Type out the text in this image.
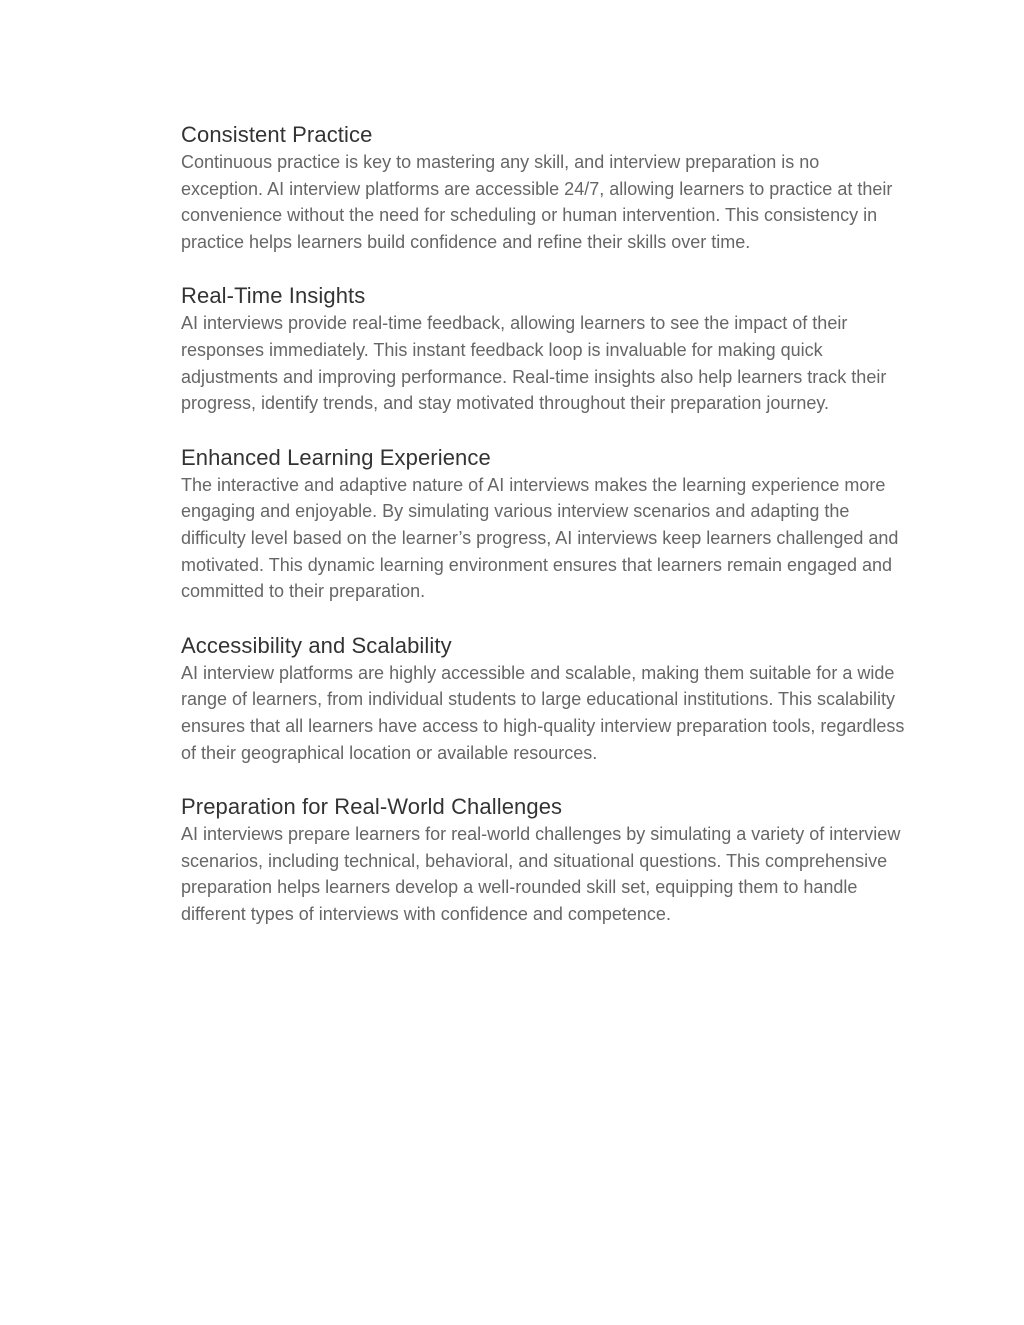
Consistent Practice

Continuous practice is key to mastering any skill, and interview preparation is no exception. AI interview platforms are accessible 24/7, allowing learners to practice at their convenience without the need for scheduling or human intervention. This consistency in practice helps learners build confidence and refine their skills over time.

Real-Time Insights

AI interviews provide real-time feedback, allowing learners to see the impact of their responses immediately. This instant feedback loop is invaluable for making quick adjustments and improving performance. Real-time insights also help learners track their progress, identify trends, and stay motivated throughout their preparation journey.

Enhanced Learning Experience

The interactive and adaptive nature of AI interviews makes the learning experience more engaging and enjoyable. By simulating various interview scenarios and adapting the difficulty level based on the learner’s progress, AI interviews keep learners challenged and motivated. This dynamic learning environment ensures that learners remain engaged and committed to their preparation.

Accessibility and Scalability

AI interview platforms are highly accessible and scalable, making them suitable for a wide range of learners, from individual students to large educational institutions. This scalability ensures that all learners have access to high-quality interview preparation tools, regardless of their geographical location or available resources.

Preparation for Real-World Challenges

AI interviews prepare learners for real-world challenges by simulating a variety of interview scenarios, including technical, behavioral, and situational questions. This comprehensive preparation helps learners develop a well-rounded skill set, equipping them to handle different types of interviews with confidence and competence.
